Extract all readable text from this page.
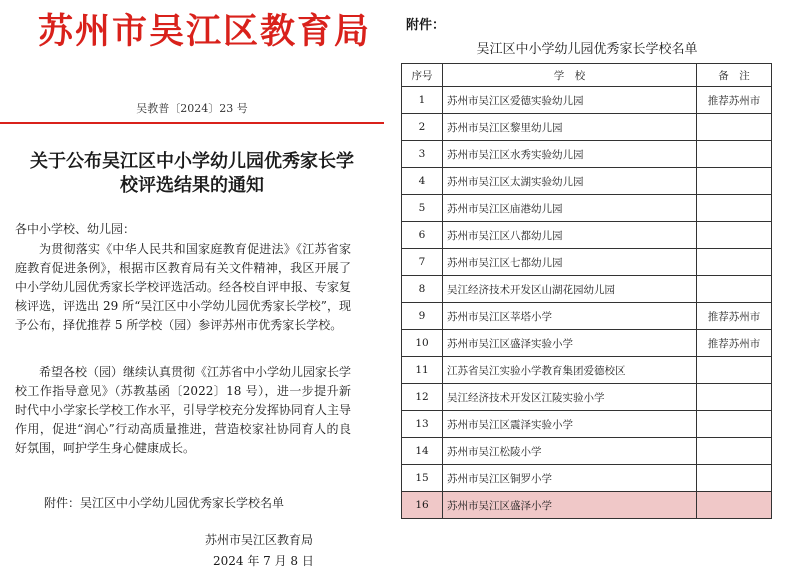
苏州市吴江区教育局
吴教普〔2024〕23 号
关于公布吴江区中小学幼儿园优秀家长学
校评选结果的通知
各中小学校、幼儿园：
为贯彻落实《中华人民共和国家庭教育促进法》《江苏省家庭教育促进条例》，根据市区教育局有关文件精神，我区开展了中小学幼儿园优秀家长学校评选活动。经各校自评申报、专家复核评选，评选出 29 所“吴江区中小学幼儿园优秀家长学校”，现予公布，择优推荐 5 所学校（园）参评苏州市优秀家长学校。
希望各校（园）继续认真贯彻《江苏省中小学幼儿园家长学校工作指导意见》（苏教基函〔2022〕18 号），进一步提升新时代中小学家长学校工作水平，引导学校充分发挥协同育人主导作用，促进“润心”行动高质量推进，营造校家社协同育人的良好氛围，呵护学生身心健康成长。
附件：吴江区中小学幼儿园优秀家长学校名单
苏州市吴江区教育局
2024 年 7 月 8 日
附件：
吴江区中小学幼儿园优秀家长学校名单
序号	学　校	备　注
1	苏州市吴江区爱德实验幼儿园	推荐苏州市
2	苏州市吴江区黎里幼儿园	
3	苏州市吴江区水秀实验幼儿园	
4	苏州市吴江区太湖实验幼儿园	
5	苏州市吴江区庙港幼儿园	
6	苏州市吴江区八都幼儿园	
7	苏州市吴江区七都幼儿园	
8	吴江经济技术开发区山湖花园幼儿园	
9	苏州市吴江区莘塔小学	推荐苏州市
10	苏州市吴江区盛泽实验小学	推荐苏州市
11	江苏省吴江实验小学教育集团爱德校区	
12	吴江经济技术开发区江陵实验小学	
13	苏州市吴江区震泽实验小学	
14	苏州市吴江松陵小学	
15	苏州市吴江区铜罗小学	
16	苏州市吴江区盛泽小学	
